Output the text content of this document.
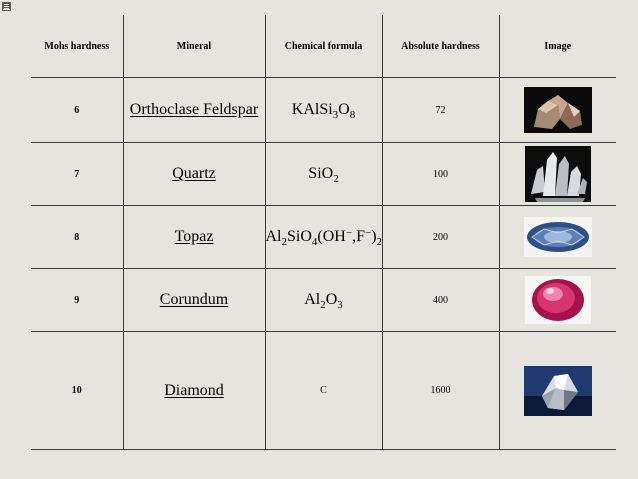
Mohs hardness	Mineral	Chemical formula	Absolute hardness	Image
6	Orthoclase Feldspar	$KAlSi_3O_8$	72	

7	Quartz	SiO$_2$	100	

8	Topaz	$Al_2SiO_4(OH^-,F^-)_2$	200	

9	Corundum	$Al_2O_3$	400	

10	Diamond	C	1600	
